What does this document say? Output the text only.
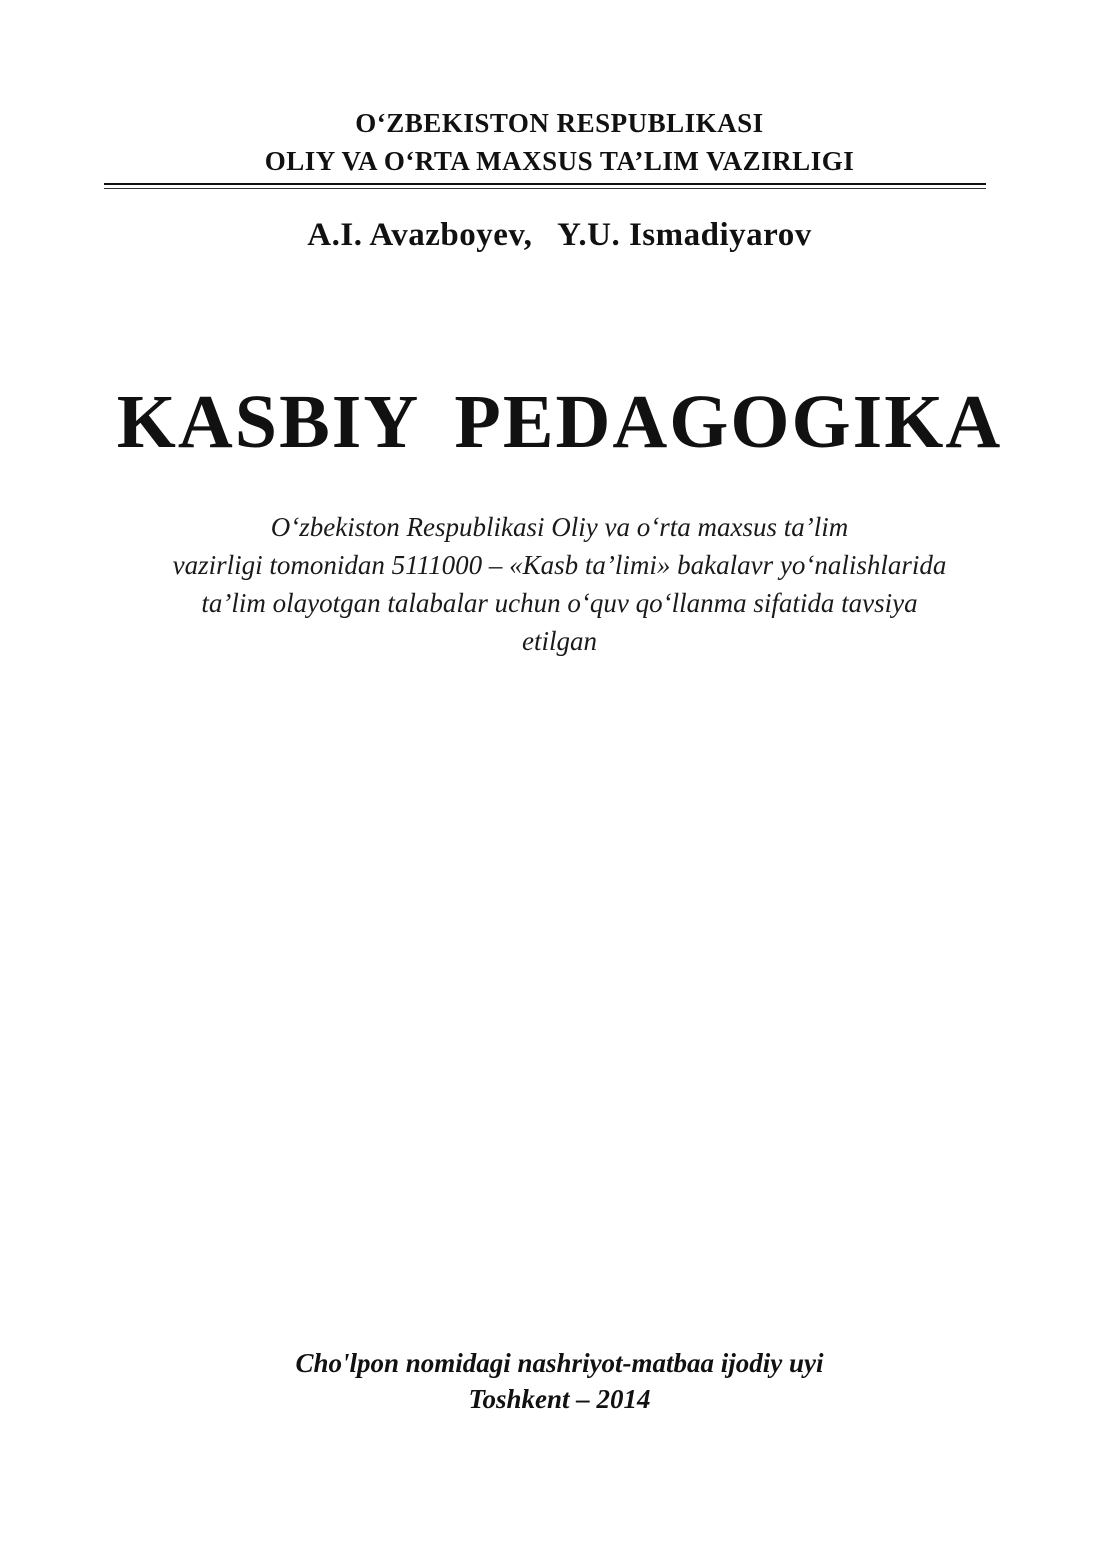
O‘ZBEKISTON RESPUBLIKASI
OLIY VA O‘RTA MAXSUS TA’LIM VAZIRLIGI
A.I. Avazboyev, Y.U. Ismadiyarov
KASBIY PEDAGOGIKA
O‘zbekiston Respublikasi Oliy va o‘rta maxsus ta’lim
vazirligi tomonidan 5111000 – «Kasb ta’limi» bakalavr yo‘nalishlarida
ta’lim olayotgan talabalar uchun o‘quv qo‘llanma sifatida tavsiya
etilgan
Cho'lpon nomidagi nashriyot-matbaa ijodiy uyi
Toshkent – 2014
